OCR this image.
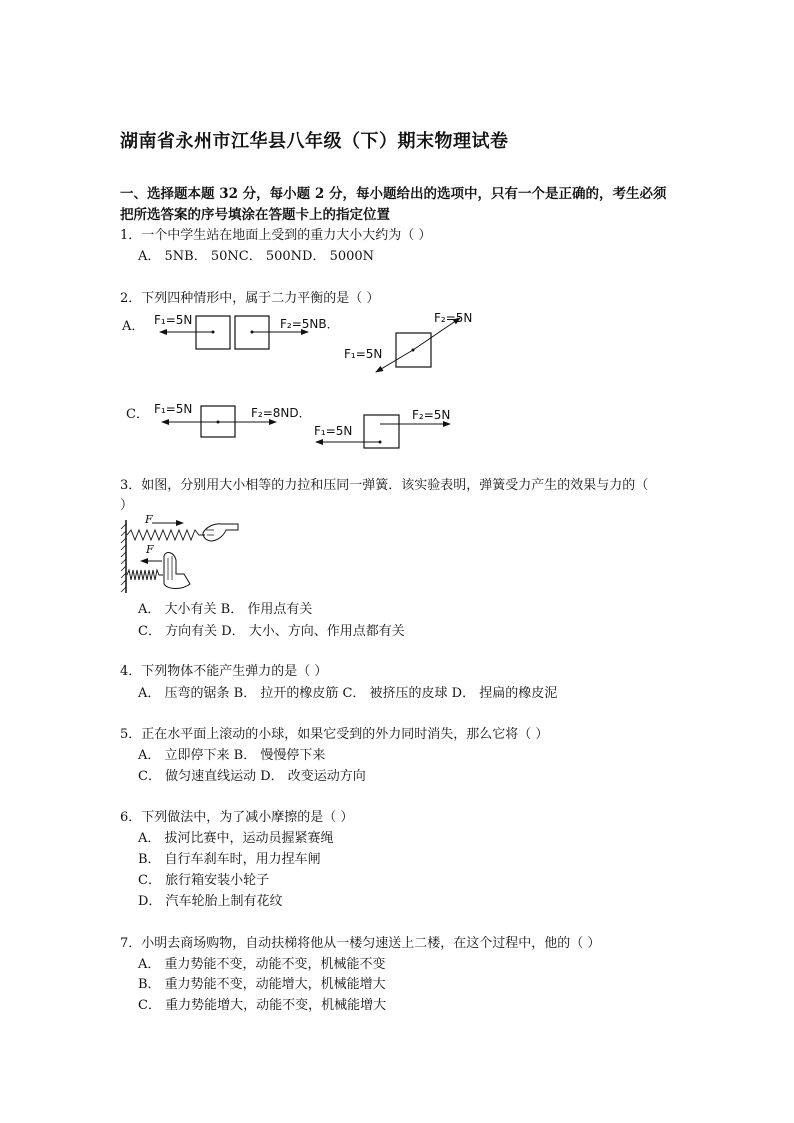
湖南省永州市江华县八年级（下）期末物理试卷
一、选择题本题 32 分，每小题 2 分，每小题给出的选项中，只有一个是正确的，考生必须
把所选答案的序号填涂在答题卡上的指定位置
1．一个中学生站在地面上受到的重力大小大约为（ ）
A． 5NB． 50NC． 500ND． 5000N
2．下列四种情形中，属于二力平衡的是（ ）
A． F₁=5N	F₂=5NB．	F₂=5N
F₁=5N
C． F₁=5N	F₂=8ND．	F₂=5N
F₁=5N
3．如图，分别用大小相等的力拉和压同一弹簧．该实验表明，弹簧受力产生的效果与力的（
）
F
F
A． 大小有关 B． 作用点有关
C． 方向有关 D． 大小、方向、作用点都有关
4．下列物体不能产生弹力的是（ ）
A． 压弯的锯条 B． 拉开的橡皮筋 C． 被挤压的皮球 D． 捏扁的橡皮泥
5．正在水平面上滚动的小球，如果它受到的外力同时消失，那么它将（ ）
A． 立即停下来 B． 慢慢停下来
C． 做匀速直线运动 D． 改变运动方向
6．下列做法中，为了减小摩擦的是（ ）
A． 拔河比赛中，运动员握紧赛绳
B． 自行车刹车时，用力捏车闸
C． 旅行箱安装小轮子
D． 汽车轮胎上制有花纹
7．小明去商场购物，自动扶梯将他从一楼匀速送上二楼，在这个过程中，他的（ ）
A． 重力势能不变，动能不变，机械能不变
B． 重力势能不变，动能增大，机械能增大
C． 重力势能增大，动能不变，机械能增大
